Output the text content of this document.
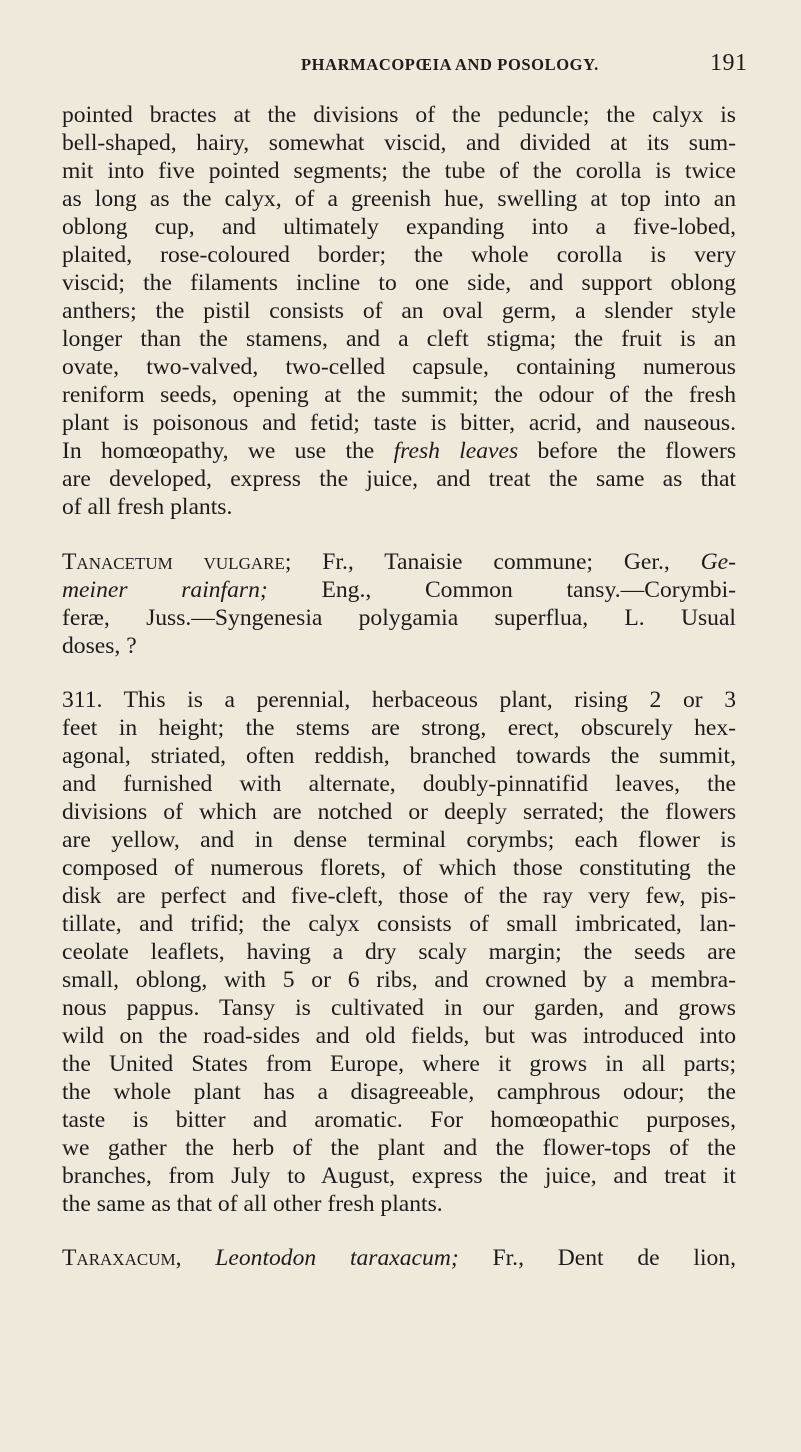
PHARMACOPŒIA AND POSOLOGY.	191
pointed bractes at the divisions of the peduncle; the calyx is
bell-shaped, hairy, somewhat viscid, and divided at its sum-
mit into five pointed segments; the tube of the corolla is twice
as long as the calyx, of a greenish hue, swelling at top into an
oblong cup, and ultimately expanding into a five-lobed,
plaited, rose-coloured border; the whole corolla is very
viscid; the filaments incline to one side, and support oblong
anthers; the pistil consists of an oval germ, a slender style
longer than the stamens, and a cleft stigma; the fruit is an
ovate, two-valved, two-celled capsule, containing numerous
reniform seeds, opening at the summit; the odour of the fresh
plant is poisonous and fetid; taste is bitter, acrid, and nauseous.
In homœopathy, we use the fresh leaves before the flowers
are developed, express the juice, and treat the same as that
of all fresh plants.
Tanacetum vulgare; Fr., Tanaisie commune; Ger., Ge-
meiner rainfarn; Eng., Common tansy.—Corymbi-
feræ, Juss.—Syngenesia polygamia superflua, L. Usual
doses, ?
311. This is a perennial, herbaceous plant, rising 2 or 3
feet in height; the stems are strong, erect, obscurely hex-
agonal, striated, often reddish, branched towards the summit,
and furnished with alternate, doubly-pinnatifid leaves, the
divisions of which are notched or deeply serrated; the flowers
are yellow, and in dense terminal corymbs; each flower is
composed of numerous florets, of which those constituting the
disk are perfect and five-cleft, those of the ray very few, pis-
tillate, and trifid; the calyx consists of small imbricated, lan-
ceolate leaflets, having a dry scaly margin; the seeds are
small, oblong, with 5 or 6 ribs, and crowned by a membra-
nous pappus. Tansy is cultivated in our garden, and grows
wild on the road-sides and old fields, but was introduced into
the United States from Europe, where it grows in all parts;
the whole plant has a disagreeable, camphrous odour; the
taste is bitter and aromatic. For homœopathic purposes,
we gather the herb of the plant and the flower-tops of the
branches, from July to August, express the juice, and treat it
the same as that of all other fresh plants.
Taraxacum, Leontodon taraxacum; Fr., Dent de lion,
